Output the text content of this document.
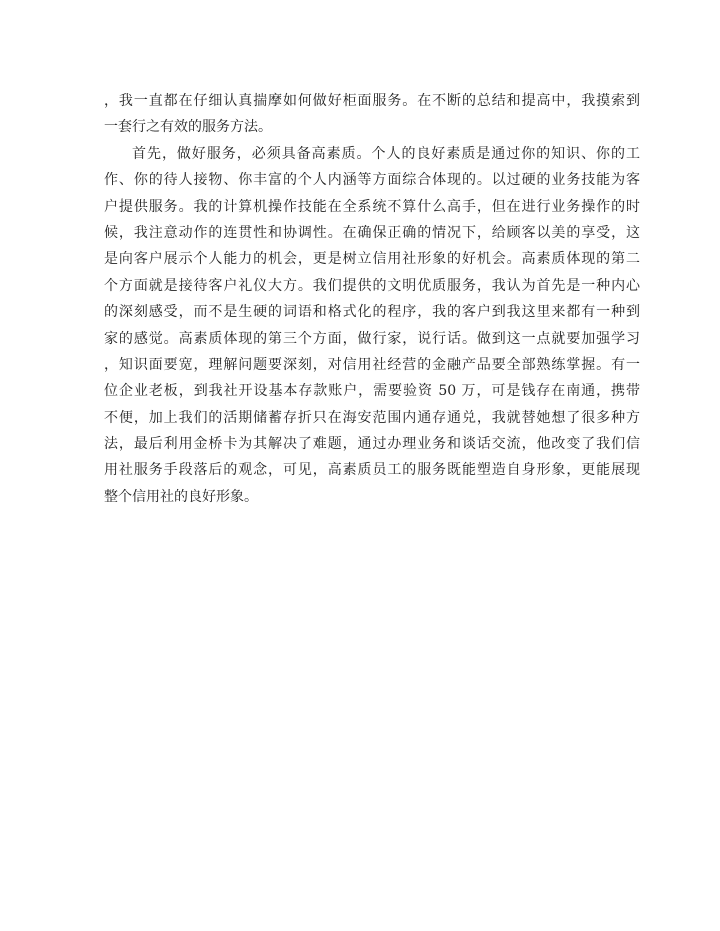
，我一直都在仔细认真揣摩如何做好柜面服务。在不断的总结和提高中，我摸索到
一套行之有效的服务方法。
首先，做好服务，必须具备高素质。个人的良好素质是通过你的知识、你的工
作、你的待人接物、你丰富的个人内涵等方面综合体现的。以过硬的业务技能为客
户提供服务。我的计算机操作技能在全系统不算什么高手，但在进行业务操作的时
候，我注意动作的连贯性和协调性。在确保正确的情况下，给顾客以美的享受，这
是向客户展示个人能力的机会，更是树立信用社形象的好机会。高素质体现的第二
个方面就是接待客户礼仪大方。我们提供的文明优质服务，我认为首先是一种内心
的深刻感受，而不是生硬的词语和格式化的程序，我的客户到我这里来都有一种到
家的感觉。高素质体现的第三个方面，做行家，说行话。做到这一点就要加强学习
，知识面要宽，理解问题要深刻，对信用社经营的金融产品要全部熟练掌握。有一
位企业老板，到我社开设基本存款账户，需要验资 50 万，可是钱存在南通，携带
不便，加上我们的活期储蓄存折只在海安范围内通存通兑，我就替她想了很多种方
法，最后利用金桥卡为其解决了难题，通过办理业务和谈话交流，他改变了我们信
用社服务手段落后的观念，可见，高素质员工的服务既能塑造自身形象，更能展现
整个信用社的良好形象。
